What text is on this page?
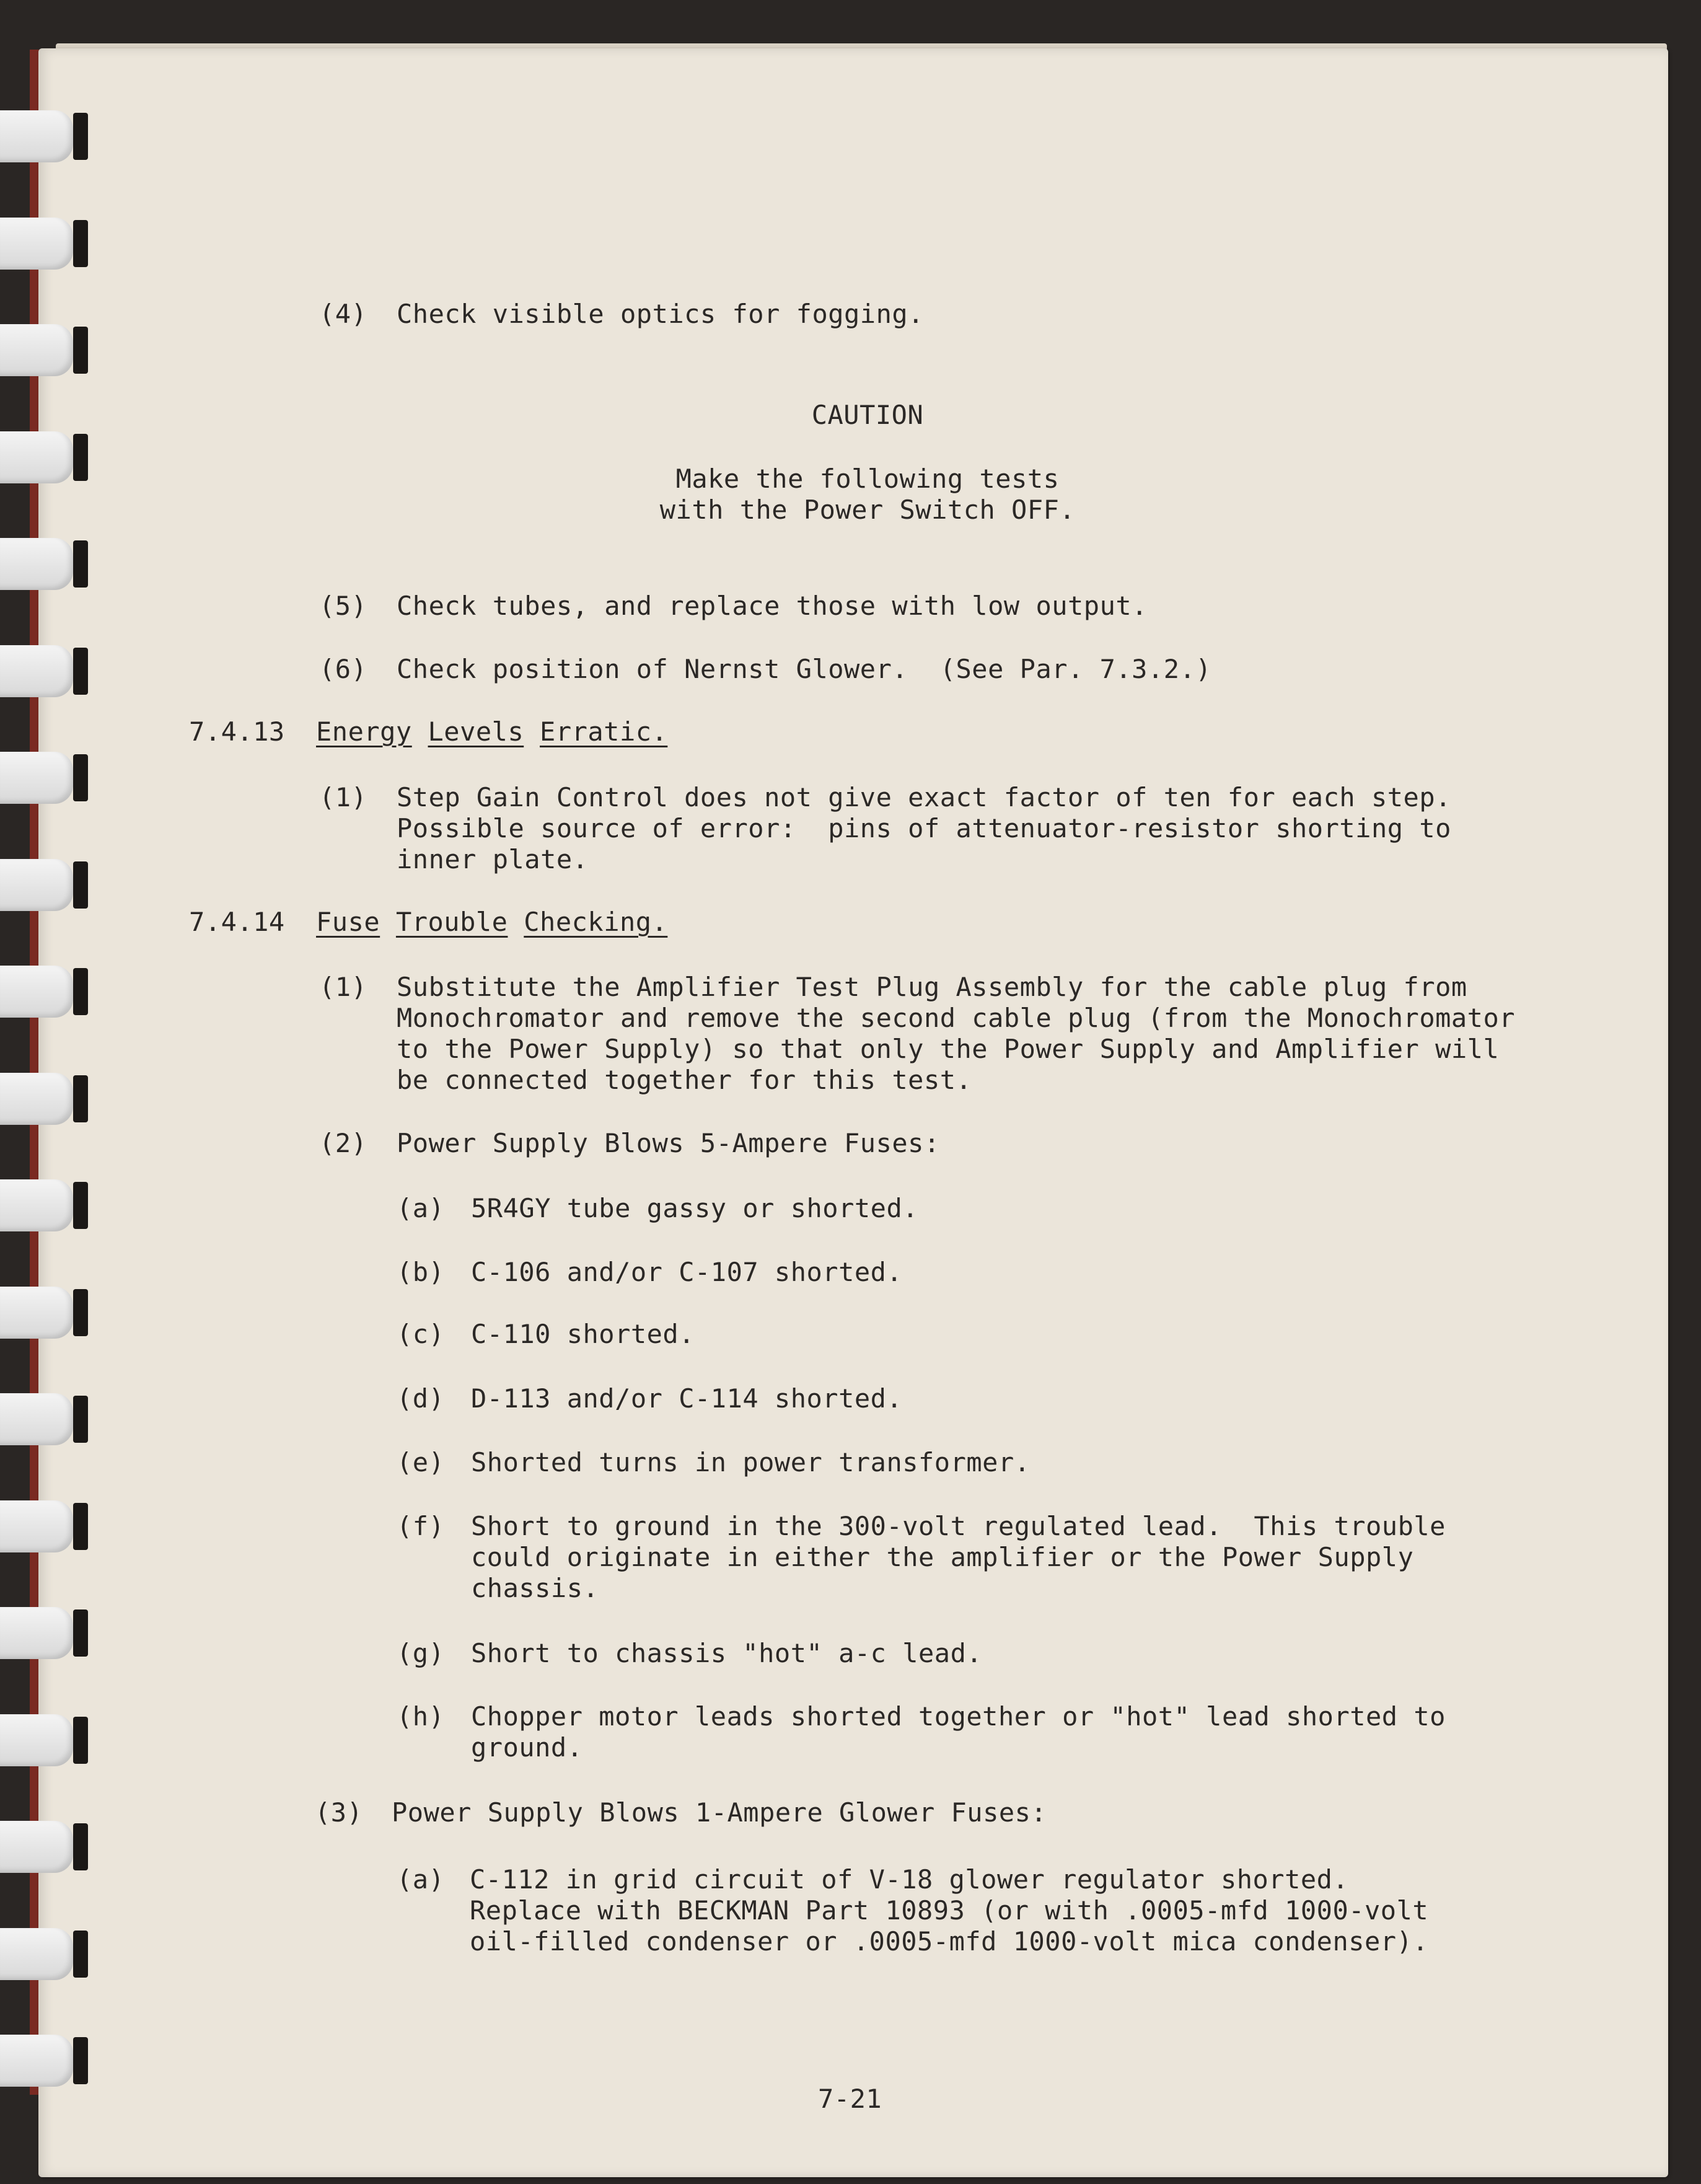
(4) Check visible optics for fogging.
CAUTION
Make the following tests
with the Power Switch OFF.
(5) Check tubes, and replace those with low output.
(6) Check position of Nernst Glower.  (See Par. 7.3.2.)
7.4.13 Energy Levels Erratic.
(1) Step Gain Control does not give exact factor of ten for each step.
Possible source of error:  pins of attenuator-resistor shorting to
inner plate.
7.4.14 Fuse Trouble Checking.
(1) Substitute the Amplifier Test Plug Assembly for the cable plug from
Monochromator and remove the second cable plug (from the Monochromator
to the Power Supply) so that only the Power Supply and Amplifier will
be connected together for this test.
(2) Power Supply Blows 5-Ampere Fuses:
(a) 5R4GY tube gassy or shorted.
(b) C-106 and/or C-107 shorted.
(c) C-110 shorted.
(d) D-113 and/or C-114 shorted.
(e) Shorted turns in power transformer.
(f) Short to ground in the 300-volt regulated lead.  This trouble
could originate in either the amplifier or the Power Supply
chassis.
(g) Short to chassis "hot" a-c lead.
(h) Chopper motor leads shorted together or "hot" lead shorted to
ground.
(3) Power Supply Blows 1-Ampere Glower Fuses:
(a) C-112 in grid circuit of V-18 glower regulator shorted.
Replace with BECKMAN Part 10893 (or with .0005-mfd 1000-volt
oil-filled condenser or .0005-mfd 1000-volt mica condenser).
7-21
